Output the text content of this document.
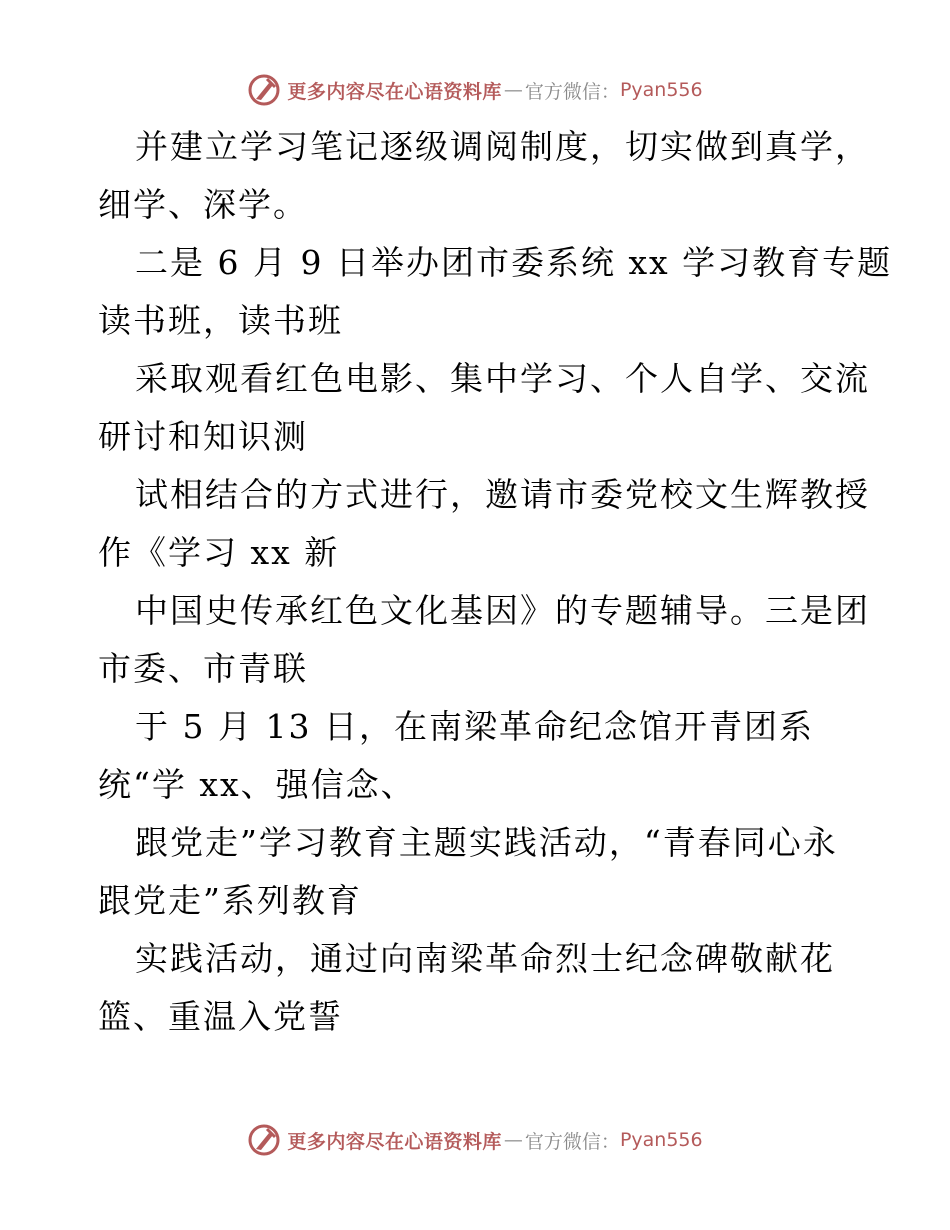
更多内容尽在心语资料库 — 官方微信： Pyan556
并建立学习笔记逐级调阅制度，切实做到真学，
细学、深学。
二是 6 月 9 日举办团市委系统 xx 学习教育专题
读书班，读书班
采取观看红色电影、集中学习、个人自学、交流
研讨和知识测
试相结合的方式进行，邀请市委党校文生辉教授
作《学习 xx 新
中国史传承红色文化基因》的专题辅导。三是团
市委、市青联
于 5 月 13 日，在南梁革命纪念馆开青团系
统“学 xx、强信念、
跟党走”学习教育主题实践活动，“青春同心永
跟党走”系列教育
实践活动，通过向南梁革命烈士纪念碑敬献花
篮、重温入党誓
更多内容尽在心语资料库 — 官方微信： Pyan556
